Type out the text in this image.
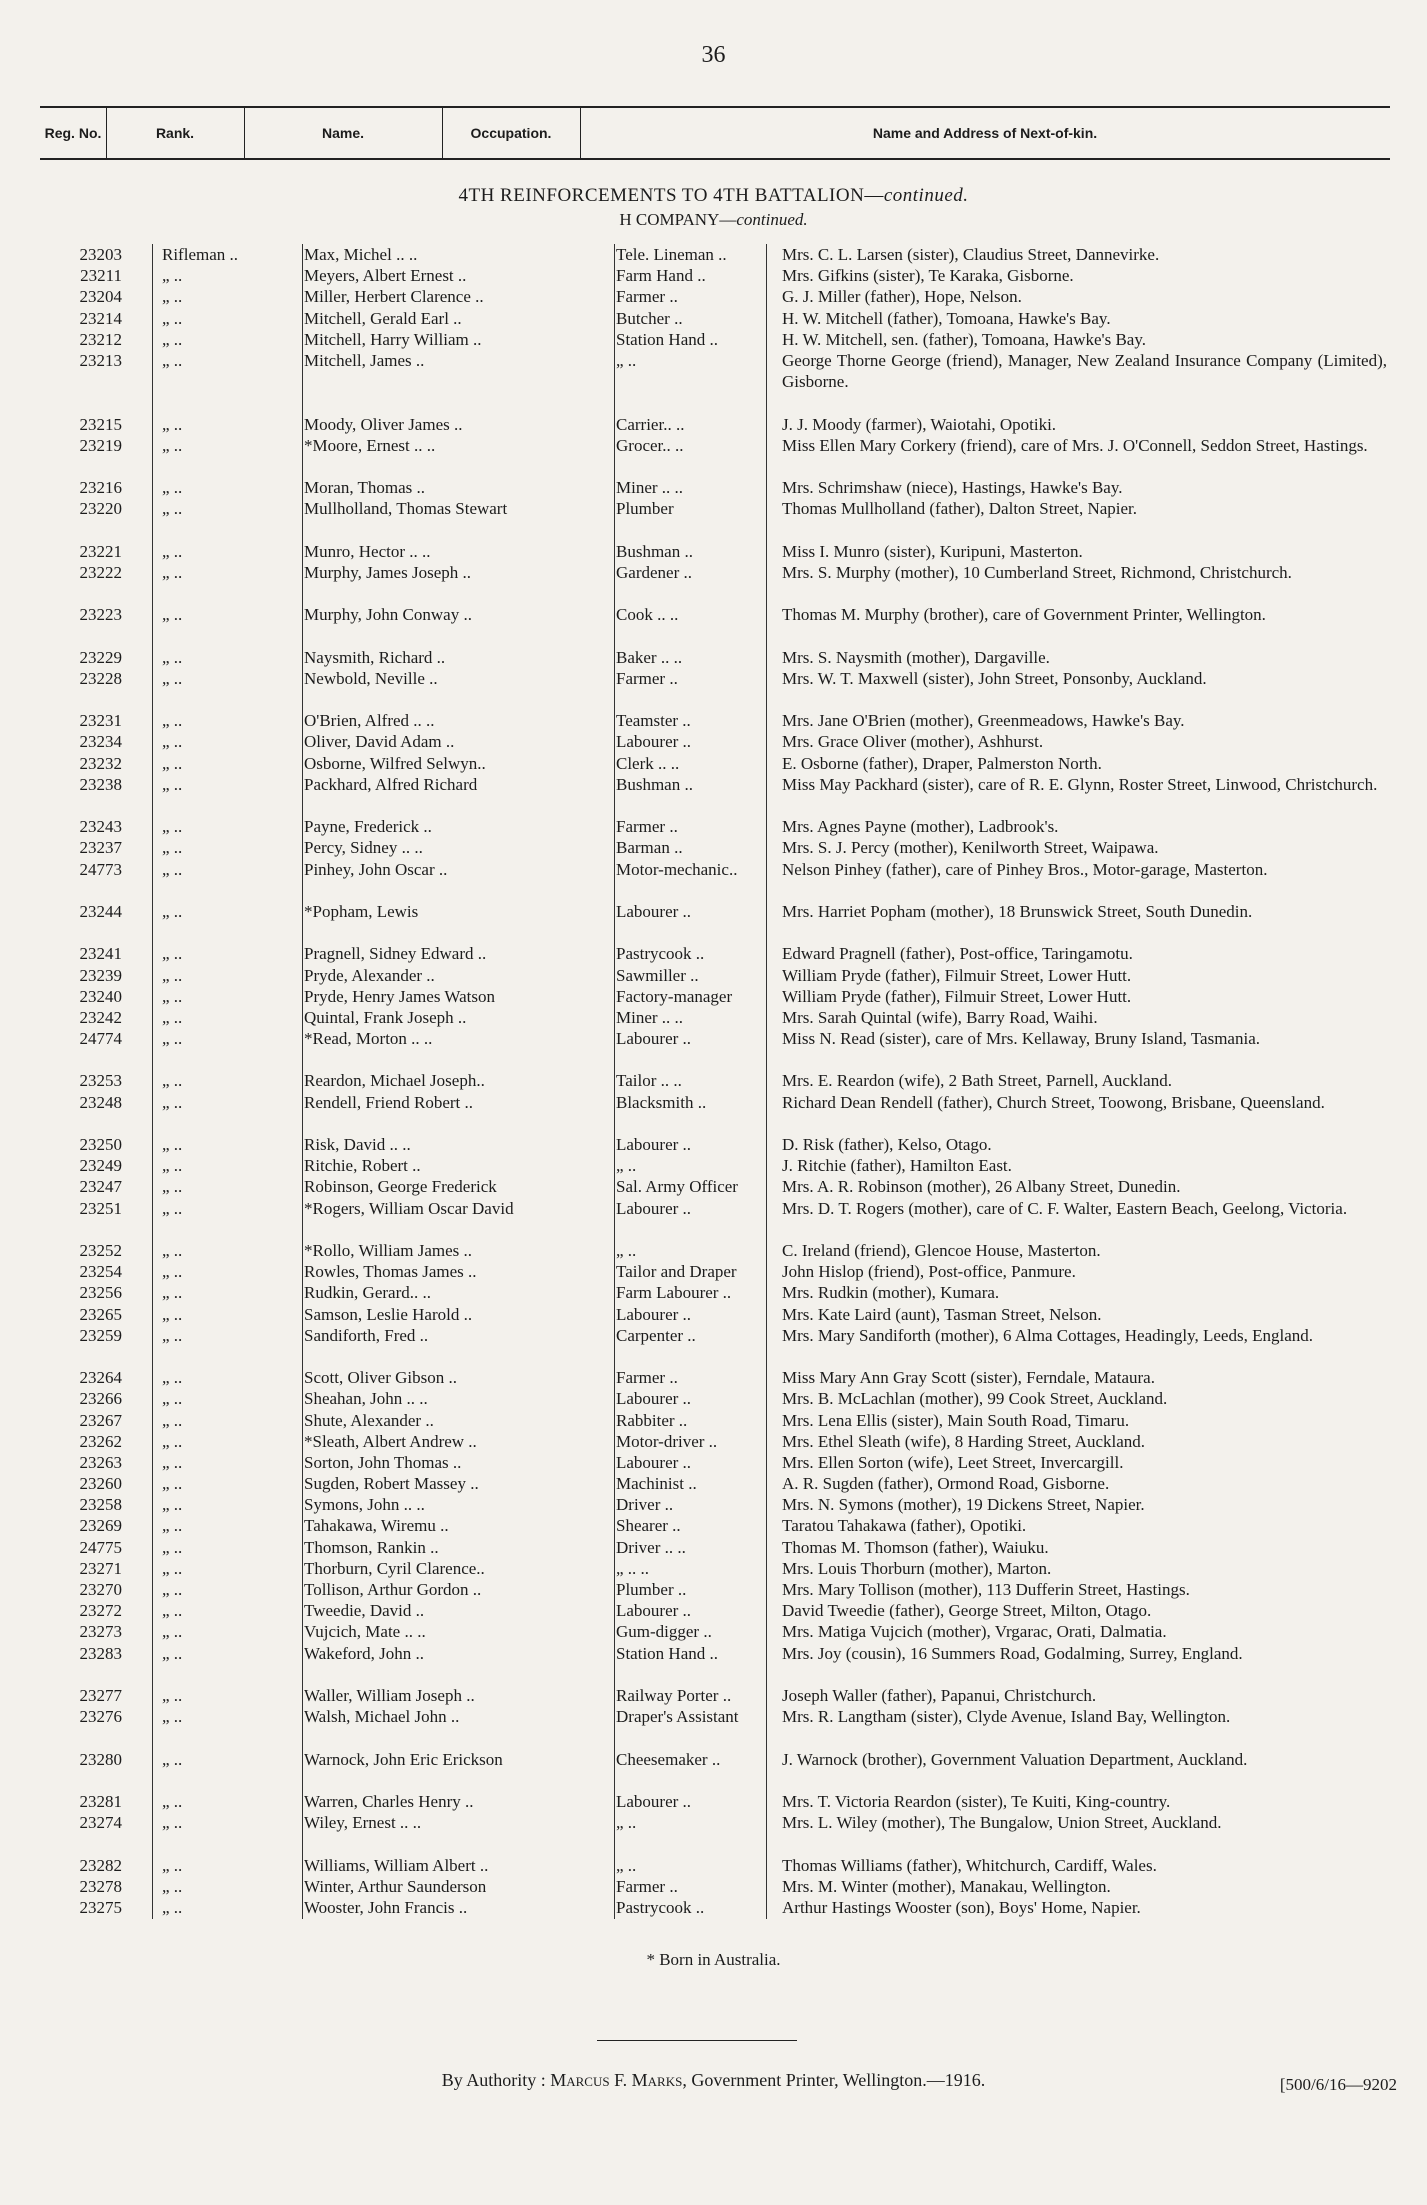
36
Reg. No.	Rank.	Name.	Occupation.	Name and Address of Next-of-kin.
4TH REINFORCEMENTS TO 4TH BATTALION—continued.
H COMPANY—continued.
23203	Rifleman ..	Max, Michel .. ..	Tele. Lineman ..	Mrs. C. L. Larsen (sister), Claudius Street, Dannevirke.
23211	„ ..	Meyers, Albert Ernest ..	Farm Hand ..	Mrs. Gifkins (sister), Te Karaka, Gisborne.
23204	„ ..	Miller, Herbert Clarence ..	Farmer ..	G. J. Miller (father), Hope, Nelson.
23214	„ ..	Mitchell, Gerald Earl ..	Butcher ..	H. W. Mitchell (father), Tomoana, Hawke's Bay.
23212	„ ..	Mitchell, Harry William ..	Station Hand ..	H. W. Mitchell, sen. (father), Tomoana, Hawke's Bay.
23213	„ ..	Mitchell, James ..	„ ..	George Thorne George (friend), Manager, New Zealand Insurance Company (Limited), Gisborne.
23215	„ ..	Moody, Oliver James ..	Carrier.. ..	J. J. Moody (farmer), Waiotahi, Opotiki.
23219	„ ..	*Moore, Ernest .. ..	Grocer.. ..	Miss Ellen Mary Corkery (friend), care of Mrs. J. O'Connell, Seddon Street, Hastings.
23216	„ ..	Moran, Thomas ..	Miner .. ..	Mrs. Schrimshaw (niece), Hastings, Hawke's Bay.
23220	„ ..	Mullholland, Thomas Stewart	Plumber	Thomas Mullholland (father), Dalton Street, Napier.
23221	„ ..	Munro, Hector .. ..	Bushman ..	Miss I. Munro (sister), Kuripuni, Masterton.
23222	„ ..	Murphy, James Joseph ..	Gardener ..	Mrs. S. Murphy (mother), 10 Cumberland Street, Richmond, Christchurch.
23223	„ ..	Murphy, John Conway ..	Cook .. ..	Thomas M. Murphy (brother), care of Government Printer, Wellington.
23229	„ ..	Naysmith, Richard ..	Baker .. ..	Mrs. S. Naysmith (mother), Dargaville.
23228	„ ..	Newbold, Neville ..	Farmer ..	Mrs. W. T. Maxwell (sister), John Street, Ponsonby, Auckland.
23231	„ ..	O'Brien, Alfred .. ..	Teamster ..	Mrs. Jane O'Brien (mother), Greenmeadows, Hawke's Bay.
23234	„ ..	Oliver, David Adam ..	Labourer ..	Mrs. Grace Oliver (mother), Ashhurst.
23232	„ ..	Osborne, Wilfred Selwyn..	Clerk .. ..	E. Osborne (father), Draper, Palmerston North.
23238	„ ..	Packhard, Alfred Richard	Bushman ..	Miss May Packhard (sister), care of R. E. Glynn, Roster Street, Linwood, Christchurch.
23243	„ ..	Payne, Frederick ..	Farmer ..	Mrs. Agnes Payne (mother), Ladbrook's.
23237	„ ..	Percy, Sidney .. ..	Barman ..	Mrs. S. J. Percy (mother), Kenilworth Street, Waipawa.
24773	„ ..	Pinhey, John Oscar ..	Motor-mechanic..	Nelson Pinhey (father), care of Pinhey Bros., Motor-garage, Masterton.
23244	„ ..	*Popham, Lewis	Labourer ..	Mrs. Harriet Popham (mother), 18 Brunswick Street, South Dunedin.
23241	„ ..	Pragnell, Sidney Edward ..	Pastrycook ..	Edward Pragnell (father), Post-office, Taringamotu.
23239	„ ..	Pryde, Alexander ..	Sawmiller ..	William Pryde (father), Filmuir Street, Lower Hutt.
23240	„ ..	Pryde, Henry James Watson	Factory-manager	William Pryde (father), Filmuir Street, Lower Hutt.
23242	„ ..	Quintal, Frank Joseph ..	Miner .. ..	Mrs. Sarah Quintal (wife), Barry Road, Waihi.
24774	„ ..	*Read, Morton .. ..	Labourer ..	Miss N. Read (sister), care of Mrs. Kellaway, Bruny Island, Tasmania.
23253	„ ..	Reardon, Michael Joseph..	Tailor .. ..	Mrs. E. Reardon (wife), 2 Bath Street, Parnell, Auckland.
23248	„ ..	Rendell, Friend Robert ..	Blacksmith ..	Richard Dean Rendell (father), Church Street, Toowong, Brisbane, Queensland.
23250	„ ..	Risk, David .. ..	Labourer ..	D. Risk (father), Kelso, Otago.
23249	„ ..	Ritchie, Robert ..	„ ..	J. Ritchie (father), Hamilton East.
23247	„ ..	Robinson, George Frederick	Sal. Army Officer	Mrs. A. R. Robinson (mother), 26 Albany Street, Dunedin.
23251	„ ..	*Rogers, William Oscar David	Labourer ..	Mrs. D. T. Rogers (mother), care of C. F. Walter, Eastern Beach, Geelong, Victoria.
23252	„ ..	*Rollo, William James ..	„ ..	C. Ireland (friend), Glencoe House, Masterton.
23254	„ ..	Rowles, Thomas James ..	Tailor and Draper	John Hislop (friend), Post-office, Panmure.
23256	„ ..	Rudkin, Gerard.. ..	Farm Labourer ..	Mrs. Rudkin (mother), Kumara.
23265	„ ..	Samson, Leslie Harold ..	Labourer ..	Mrs. Kate Laird (aunt), Tasman Street, Nelson.
23259	„ ..	Sandiforth, Fred ..	Carpenter ..	Mrs. Mary Sandiforth (mother), 6 Alma Cottages, Headingly, Leeds, England.
23264	„ ..	Scott, Oliver Gibson ..	Farmer ..	Miss Mary Ann Gray Scott (sister), Ferndale, Mataura.
23266	„ ..	Sheahan, John .. ..	Labourer ..	Mrs. B. McLachlan (mother), 99 Cook Street, Auckland.
23267	„ ..	Shute, Alexander ..	Rabbiter ..	Mrs. Lena Ellis (sister), Main South Road, Timaru.
23262	„ ..	*Sleath, Albert Andrew ..	Motor-driver ..	Mrs. Ethel Sleath (wife), 8 Harding Street, Auckland.
23263	„ ..	Sorton, John Thomas ..	Labourer ..	Mrs. Ellen Sorton (wife), Leet Street, Invercargill.
23260	„ ..	Sugden, Robert Massey ..	Machinist ..	A. R. Sugden (father), Ormond Road, Gisborne.
23258	„ ..	Symons, John .. ..	Driver ..	Mrs. N. Symons (mother), 19 Dickens Street, Napier.
23269	„ ..	Tahakawa, Wiremu ..	Shearer ..	Taratou Tahakawa (father), Opotiki.
24775	„ ..	Thomson, Rankin ..	Driver .. ..	Thomas M. Thomson (father), Waiuku.
23271	„ ..	Thorburn, Cyril Clarence..	„ .. ..	Mrs. Louis Thorburn (mother), Marton.
23270	„ ..	Tollison, Arthur Gordon ..	Plumber ..	Mrs. Mary Tollison (mother), 113 Dufferin Street, Hastings.
23272	„ ..	Tweedie, David ..	Labourer ..	David Tweedie (father), George Street, Milton, Otago.
23273	„ ..	Vujcich, Mate .. ..	Gum-digger ..	Mrs. Matiga Vujcich (mother), Vrgarac, Orati, Dalmatia.
23283	„ ..	Wakeford, John ..	Station Hand ..	Mrs. Joy (cousin), 16 Summers Road, Godalming, Surrey, England.
23277	„ ..	Waller, William Joseph ..	Railway Porter ..	Joseph Waller (father), Papanui, Christchurch.
23276	„ ..	Walsh, Michael John ..	Draper's Assistant	Mrs. R. Langtham (sister), Clyde Avenue, Island Bay, Wellington.
23280	„ ..	Warnock, John Eric Erickson	Cheesemaker ..	J. Warnock (brother), Government Valuation Department, Auckland.
23281	„ ..	Warren, Charles Henry ..	Labourer ..	Mrs. T. Victoria Reardon (sister), Te Kuiti, King-country.
23274	„ ..	Wiley, Ernest .. ..	„ ..	Mrs. L. Wiley (mother), The Bungalow, Union Street, Auckland.
23282	„ ..	Williams, William Albert ..	„ ..	Thomas Williams (father), Whitchurch, Cardiff, Wales.
23278	„ ..	Winter, Arthur Saunderson	Farmer ..	Mrs. M. Winter (mother), Manakau, Wellington.
23275	„ ..	Wooster, John Francis ..	Pastrycook ..	Arthur Hastings Wooster (son), Boys' Home, Napier.
* Born in Australia.
By Authority : Marcus F. Marks, Government Printer, Wellington.—1916.	[500/6/16—9202
